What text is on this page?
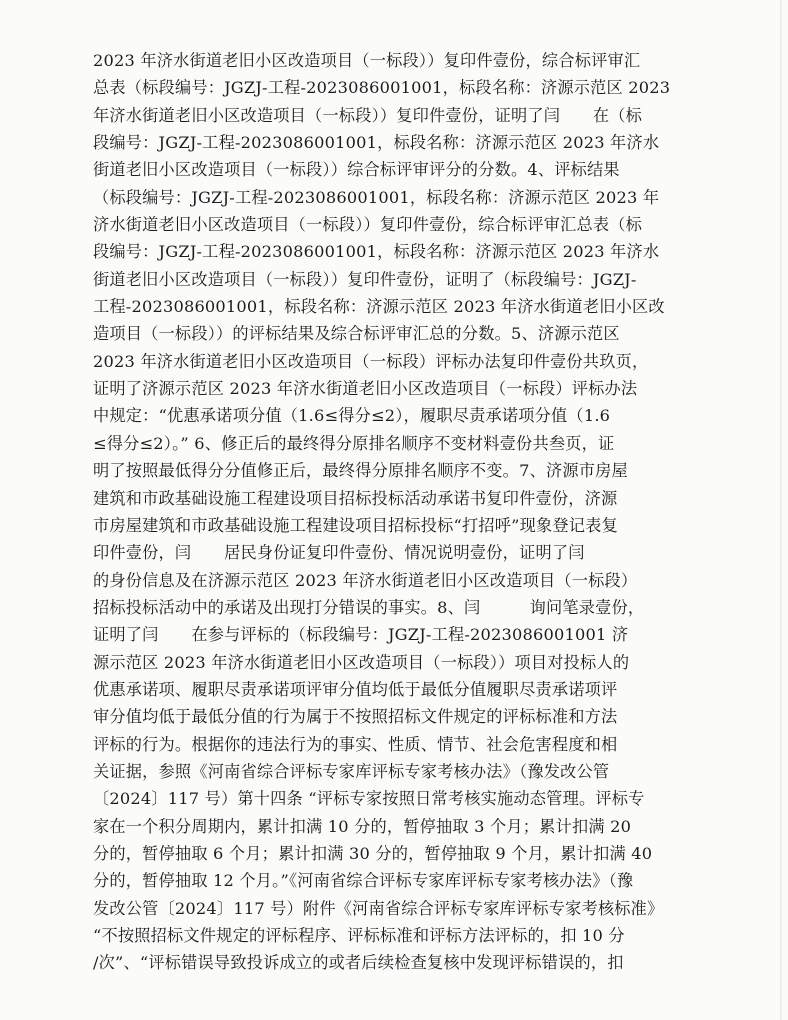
2023 年济水街道老旧小区改造项目（一标段））复印件壹份，综合标评审汇
总表（标段编号：JGZJ-工程-2023086001001，标段名称：济源示范区 2023
年济水街道老旧小区改造项目（一标段））复印件壹份，证明了闫　　在（标
段编号：JGZJ-工程-2023086001001，标段名称：济源示范区 2023 年济水
街道老旧小区改造项目（一标段））综合标评审评分的分数。4、评标结果
（标段编号：JGZJ-工程-2023086001001，标段名称：济源示范区 2023 年
济水街道老旧小区改造项目（一标段））复印件壹份，综合标评审汇总表（标
段编号：JGZJ-工程-2023086001001，标段名称：济源示范区 2023 年济水
街道老旧小区改造项目（一标段））复印件壹份，证明了（标段编号：JGZJ-
工程-2023086001001，标段名称：济源示范区 2023 年济水街道老旧小区改
造项目（一标段））的评标结果及综合标评审汇总的分数。5、济源示范区
2023 年济水街道老旧小区改造项目（一标段）评标办法复印件壹份共玖页，
证明了济源示范区 2023 年济水街道老旧小区改造项目（一标段）评标办法
中规定：“优惠承诺项分值（1.6≤得分≤2），履职尽责承诺项分值（1.6
≤得分≤2）。” 6、修正后的最终得分原排名顺序不变材料壹份共叁页，证
明了按照最低得分分值修正后，最终得分原排名顺序不变。7、济源市房屋
建筑和市政基础设施工程建设项目招标投标活动承诺书复印件壹份，济源
市房屋建筑和市政基础设施工程建设项目招标投标“打招呼”现象登记表复
印件壹份，闫　　居民身份证复印件壹份、情况说明壹份，证明了闫
的身份信息及在济源示范区 2023 年济水街道老旧小区改造项目（一标段）
招标投标活动中的承诺及出现打分错误的事实。8、闫　　　询问笔录壹份，
证明了闫　　在参与评标的（标段编号：JGZJ-工程-2023086001001 济
源示范区 2023 年济水街道老旧小区改造项目（一标段））项目对投标人的
优惠承诺项、履职尽责承诺项评审分值均低于最低分值履职尽责承诺项评
审分值均低于最低分值的行为属于不按照招标文件规定的评标标准和方法
评标的行为。根据你的违法行为的事实、性质、情节、社会危害程度和相
关证据，参照《河南省综合评标专家库评标专家考核办法》（豫发改公管
〔2024〕117 号）第十四条 “评标专家按照日常考核实施动态管理。评标专
家在一个积分周期内，累计扣满 10 分的，暂停抽取 3 个月；累计扣满 20
分的，暂停抽取 6 个月；累计扣满 30 分的，暂停抽取 9 个月，累计扣满 40
分的，暂停抽取 12 个月。”《河南省综合评标专家库评标专家考核办法》（豫
发改公管〔2024〕117 号）附件《河南省综合评标专家库评标专家考核标准》
“不按照招标文件规定的评标程序、评标标准和评标方法评标的，扣 10 分
/次”、“评标错误导致投诉成立的或者后续检查复核中发现评标错误的，扣
